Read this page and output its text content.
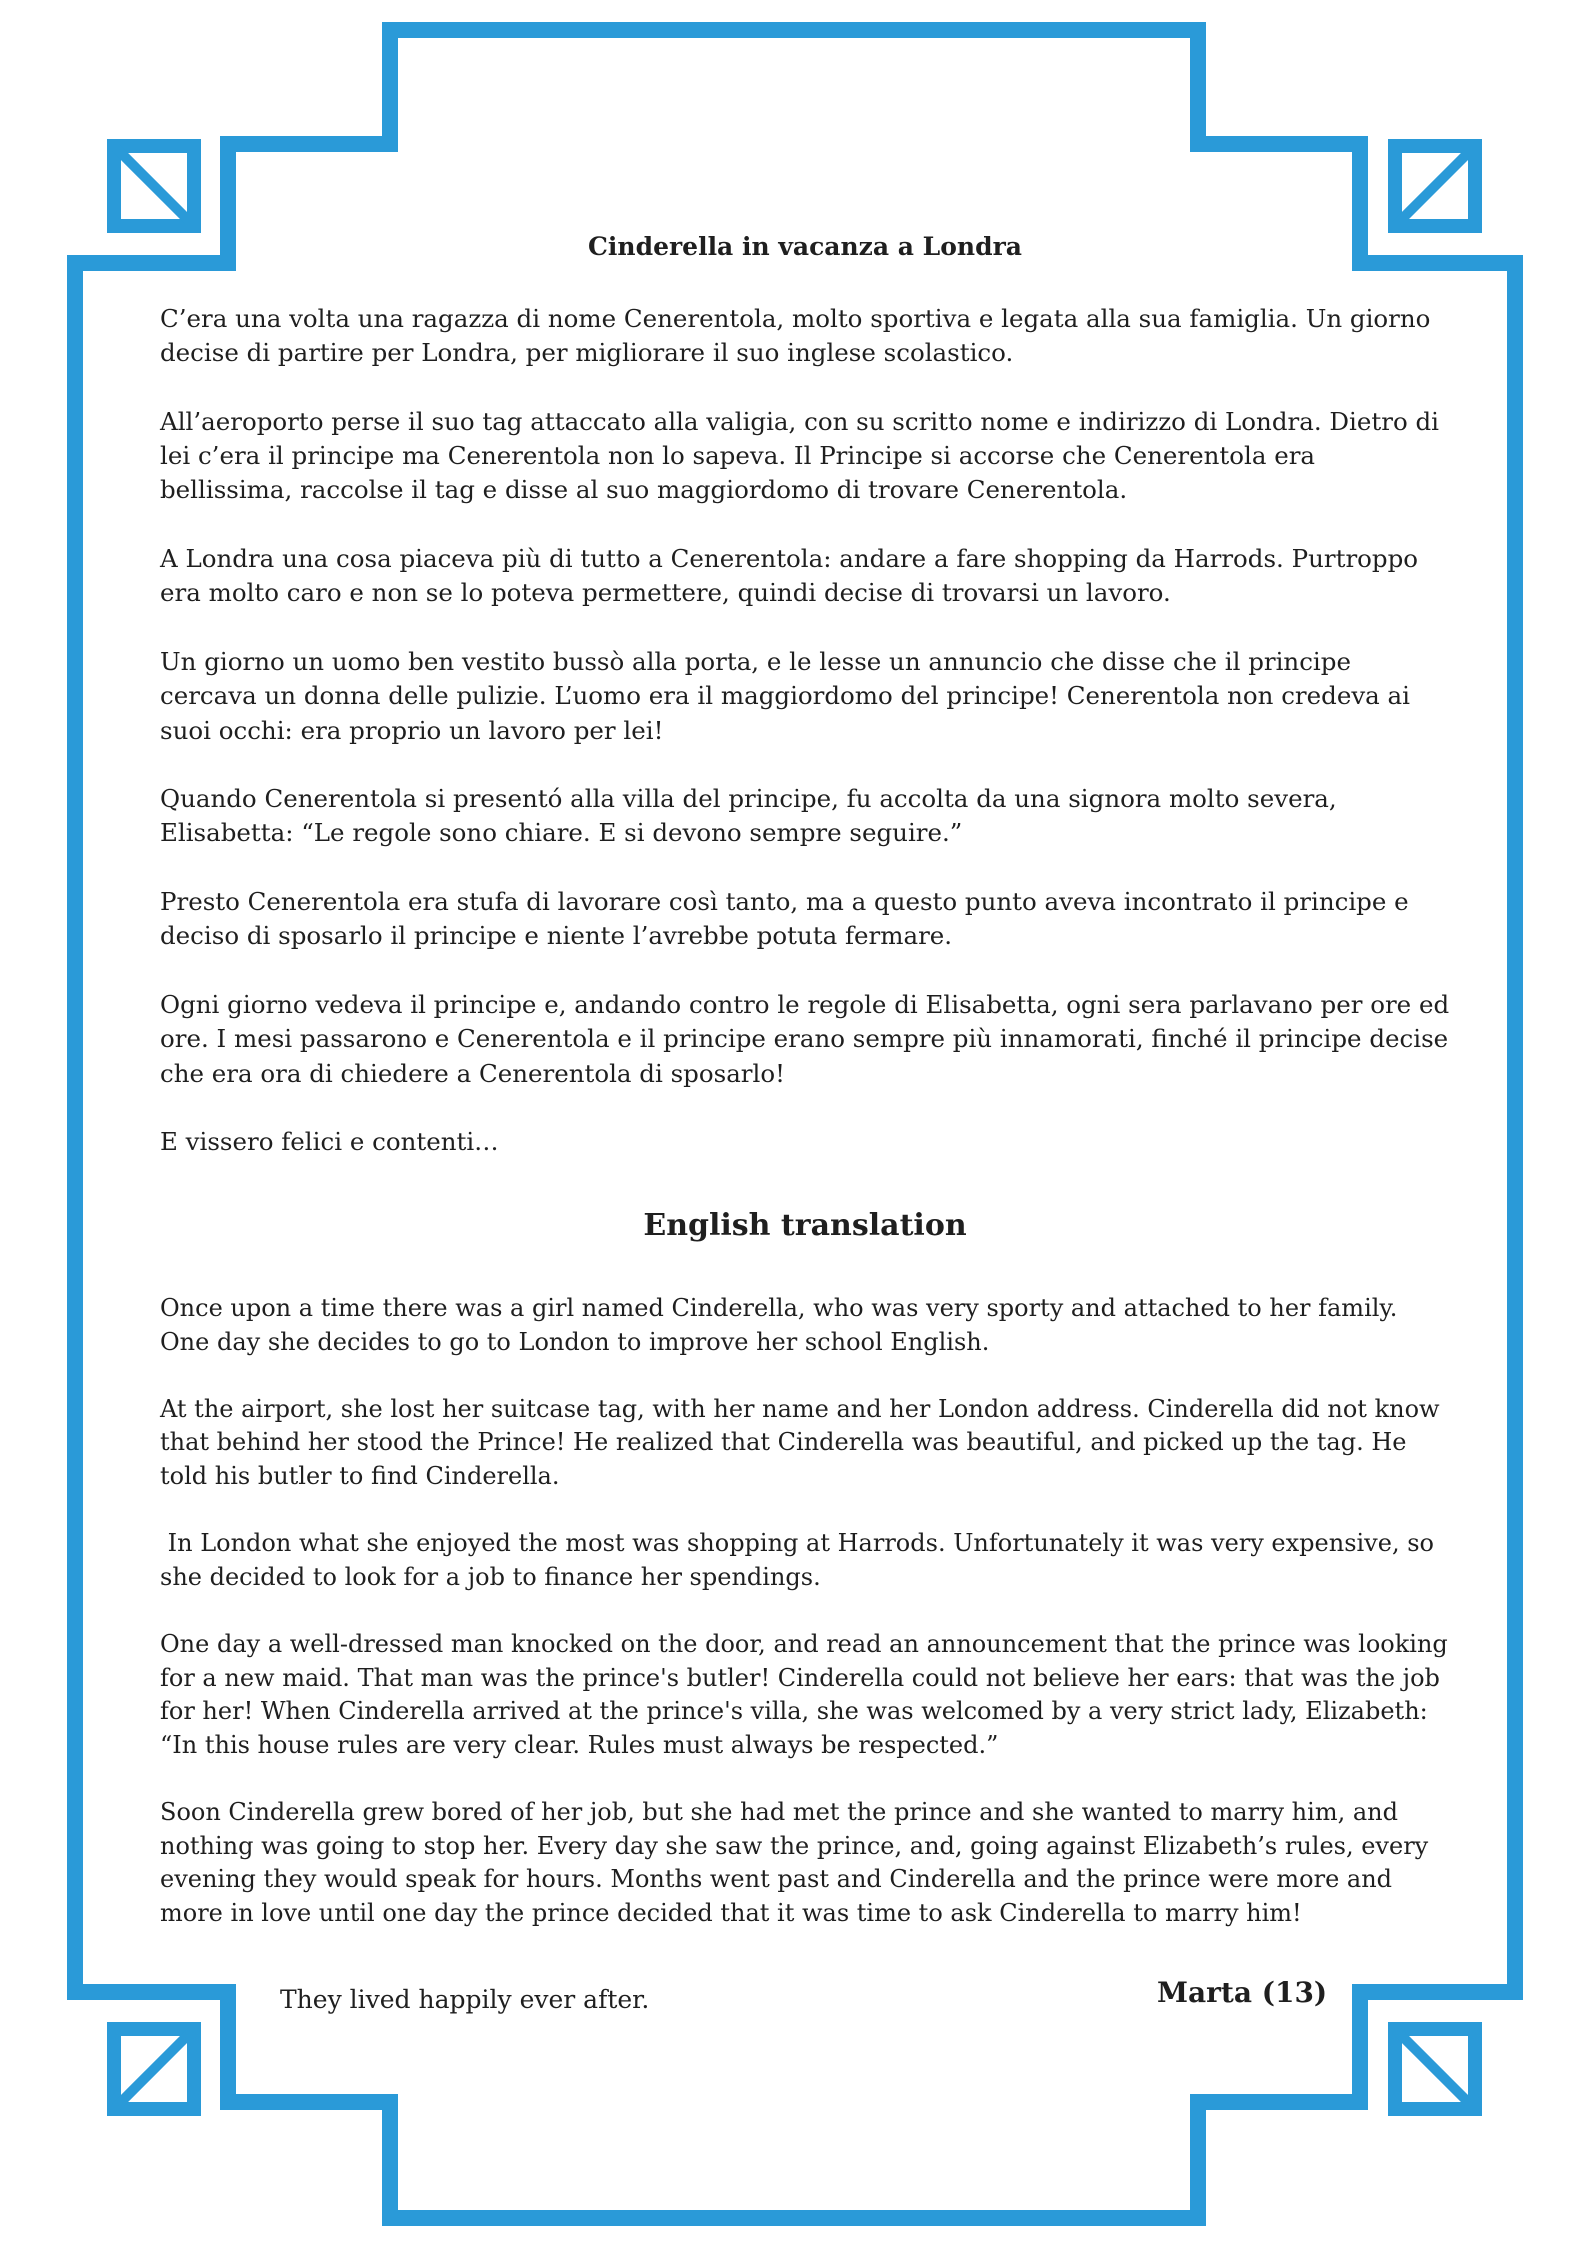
Cinderella in vacanza a Londra

C’era una volta una ragazza di nome Cenerentola, molto sportiva e legata alla sua famiglia. Un giorno decise di partire per Londra, per migliorare il suo inglese scolastico.

All’aeroporto perse il suo tag attaccato alla valigia, con su scritto nome e indirizzo di Londra. Dietro di lei c’era il principe ma Cenerentola non lo sapeva. Il Principe si accorse che Cenerentola era bellissima, raccolse il tag e disse al suo maggiordomo di trovare Cenerentola.

A Londra una cosa piaceva più di tutto a Cenerentola: andare a fare shopping da Harrods. Purtroppo era molto caro e non se lo poteva permettere, quindi decise di trovarsi un lavoro.

Un giorno un uomo ben vestito bussò alla porta, e le lesse un annuncio che disse che il principe cercava un donna delle pulizie. L’uomo era il maggiordomo del principe! Cenerentola non credeva ai suoi occhi: era proprio un lavoro per lei!

Quando Cenerentola si presentó alla villa del principe, fu accolta da una signora molto severa, Elisabetta: “Le regole sono chiare. E si devono sempre seguire.”

Presto Cenerentola era stufa di lavorare così tanto, ma a questo punto aveva incontrato il principe e deciso di sposarlo il principe e niente l’avrebbe potuta fermare.

Ogni giorno vedeva il principe e, andando contro le regole di Elisabetta, ogni sera parlavano per ore ed ore. I mesi passarono e Cenerentola e il principe erano sempre più innamorati, finché il principe decise che era ora di chiedere a Cenerentola di sposarlo!

E vissero felici e contenti…

English translation

Once upon a time there was a girl named Cinderella, who was very sporty and attached to her family. One day she decides to go to London to improve her school English.

At the airport, she lost her suitcase tag, with her name and her London address. Cinderella did not know that behind her stood the Prince! He realized that Cinderella was beautiful, and picked up the tag. He told his butler to find Cinderella.

In London what she enjoyed the most was shopping at Harrods. Unfortunately it was very expensive, so she decided to look for a job to finance her spendings.

One day a well-dressed man knocked on the door, and read an announcement that the prince was looking for a new maid. That man was the prince's butler! Cinderella could not believe her ears: that was the job for her! When Cinderella arrived at the prince's villa, she was welcomed by a very strict lady, Elizabeth: “In this house rules are very clear. Rules must always be respected.”

Soon Cinderella grew bored of her job, but she had met the prince and she wanted to marry him, and nothing was going to stop her. Every day she saw the prince, and, going against Elizabeth’s rules, every evening they would speak for hours. Months went past and Cinderella and the prince were more and more in love until one day the prince decided that it was time to ask Cinderella to marry him!

They lived happily ever after.	Marta (13)
